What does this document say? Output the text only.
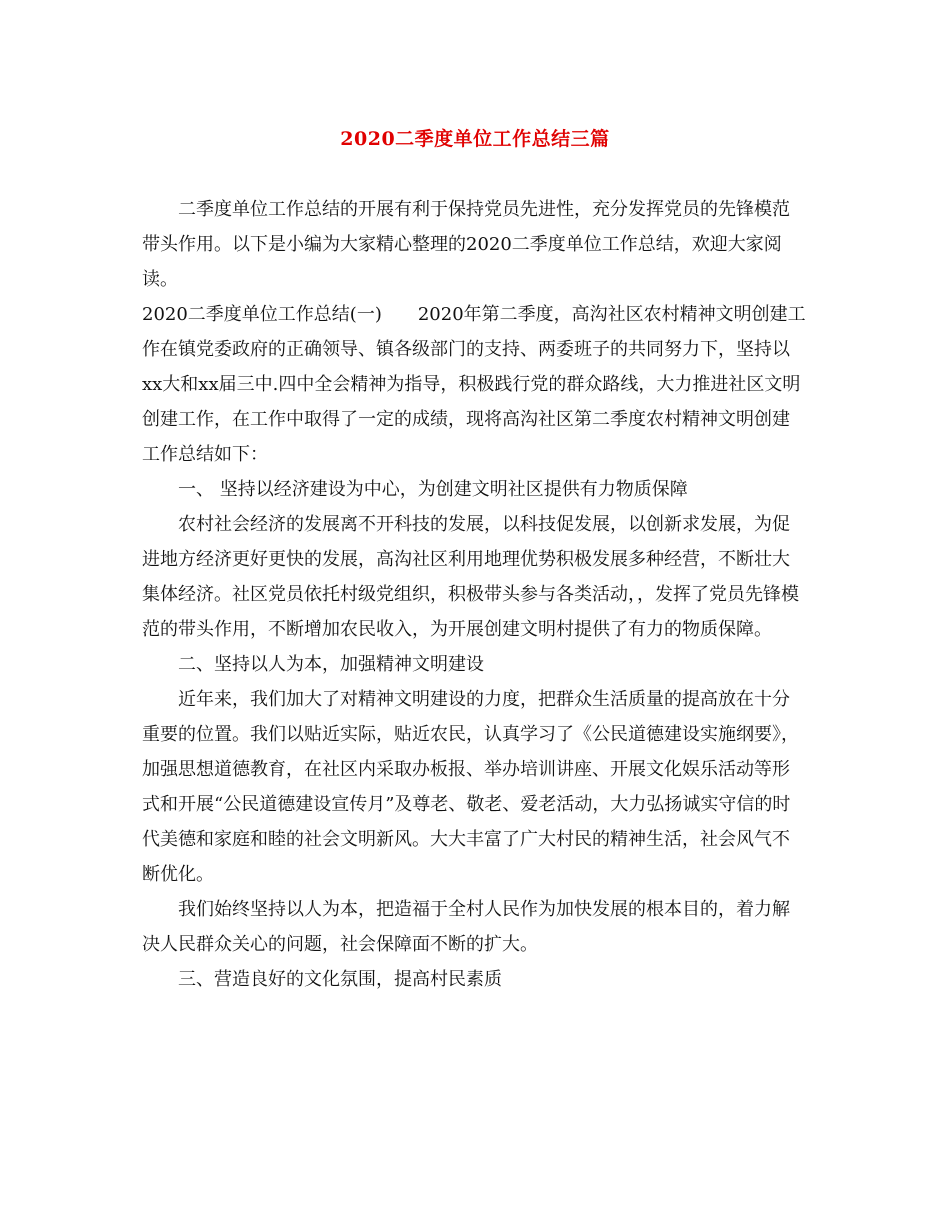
2020二季度单位工作总结三篇

二季度单位工作总结的开展有利于保持党员先进性，充分发挥党员的先锋模范带头作用。以下是小编为大家精心整理的2020二季度单位工作总结，欢迎大家阅读。

2020二季度单位工作总结(一)　　2020年第二季度，高沟社区农村精神文明创建工作在镇党委政府的正确领导、镇各级部门的支持、两委班子的共同努力下，坚持以xx大和xx届三中.四中全会精神为指导，积极践行党的群众路线，大力推进社区文明创建工作，在工作中取得了一定的成绩，现将高沟社区第二季度农村精神文明创建工作总结如下：

一、 坚持以经济建设为中心，为创建文明社区提供有力物质保障

农村社会经济的发展离不开科技的发展，以科技促发展，以创新求发展，为促进地方经济更好更快的发展，高沟社区利用地理优势积极发展多种经营，不断壮大集体经济。社区党员依托村级党组织，积极带头参与各类活动，，发挥了党员先锋模范的带头作用，不断增加农民收入，为开展创建文明村提供了有力的物质保障。

二、坚持以人为本，加强精神文明建设

近年来，我们加大了对精神文明建设的力度，把群众生活质量的提高放在十分重要的位置。我们以贴近实际，贴近农民，认真学习了《公民道德建设实施纲要》，加强思想道德教育，在社区内采取办板报、举办培训讲座、开展文化娱乐活动等形式和开展“公民道德建设宣传月”及尊老、敬老、爱老活动，大力弘扬诚实守信的时代美德和家庭和睦的社会文明新风。大大丰富了广大村民的精神生活，社会风气不断优化。

我们始终坚持以人为本，把造福于全村人民作为加快发展的根本目的，着力解决人民群众关心的问题，社会保障面不断的扩大。

三、营造良好的文化氛围，提高村民素质
